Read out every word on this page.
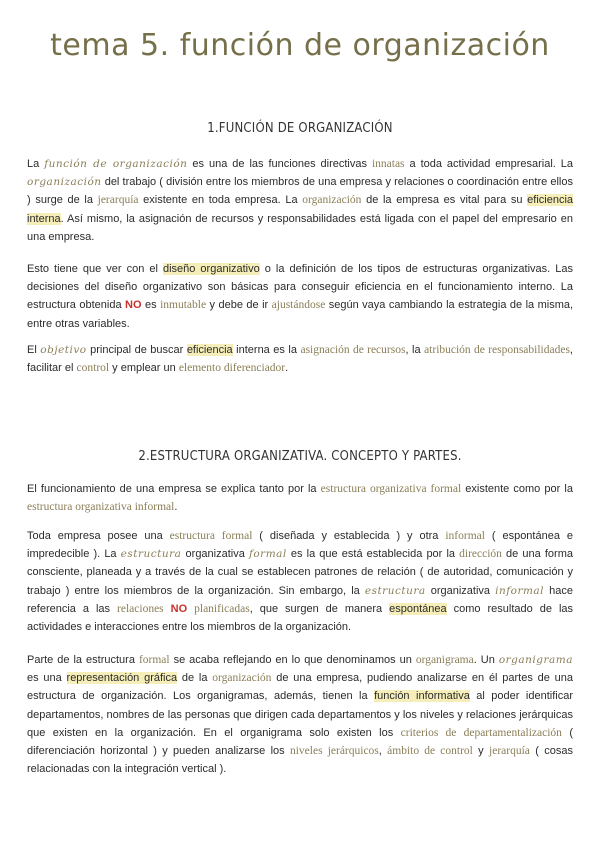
tema 5. función de organización
1.FUNCIÓN DE ORGANIZACIÓN
La función de organización es una de las funciones directivas innatas a toda actividad empresarial. La organización del trabajo ( división entre los miembros de una empresa y relaciones o coordinación entre ellos ) surge de la jerarquía existente en toda empresa. La organización de la empresa es vital para su eficiencia interna. Así mismo, la asignación de recursos y responsabilidades está ligada con el papel del empresario en una empresa.
Esto tiene que ver con el diseño organizativo o la definición de los tipos de estructuras organizativas. Las decisiones del diseño organizativo son básicas para conseguir eficiencia en el funcionamiento interno. La estructura obtenida NO es inmutable y debe de ir ajustándose según vaya cambiando la estrategia de la misma, entre otras variables.
El objetivo principal de buscar eficiencia interna es la asignación de recursos, la atribución de responsabilidades, facilitar el control y emplear un elemento diferenciador.
2.ESTRUCTURA ORGANIZATIVA. CONCEPTO Y PARTES.
El funcionamiento de una empresa se explica tanto por la estructura organizativa formal existente como por la estructura organizativa informal.
Toda empresa posee una estructura formal ( diseñada y establecida ) y otra informal ( espontánea e impredecible ). La estructura organizativa formal es la que está establecida por la dirección de una forma consciente, planeada y a través de la cual se establecen patrones de relación ( de autoridad, comunicación y trabajo ) entre los miembros de la organización. Sin embargo, la estructura organizativa informal hace referencia a las relaciones NO planificadas, que surgen de manera espontánea como resultado de las actividades e interacciones entre los miembros de la organización.
Parte de la estructura formal se acaba reflejando en lo que denominamos un organigrama. Un organigrama es una representación gráfica de la organización de una empresa, pudiendo analizarse en él partes de una estructura de organización. Los organigramas, además, tienen la función informativa al poder identificar departamentos, nombres de las personas que dirigen cada departamentos y los niveles y relaciones jerárquicas que existen en la organización. En el organigrama solo existen los criterios de departamentalización ( diferenciación horizontal ) y pueden analizarse los niveles jerárquicos, ámbito de control y jerarquía ( cosas relacionadas con la integración vertical ).
